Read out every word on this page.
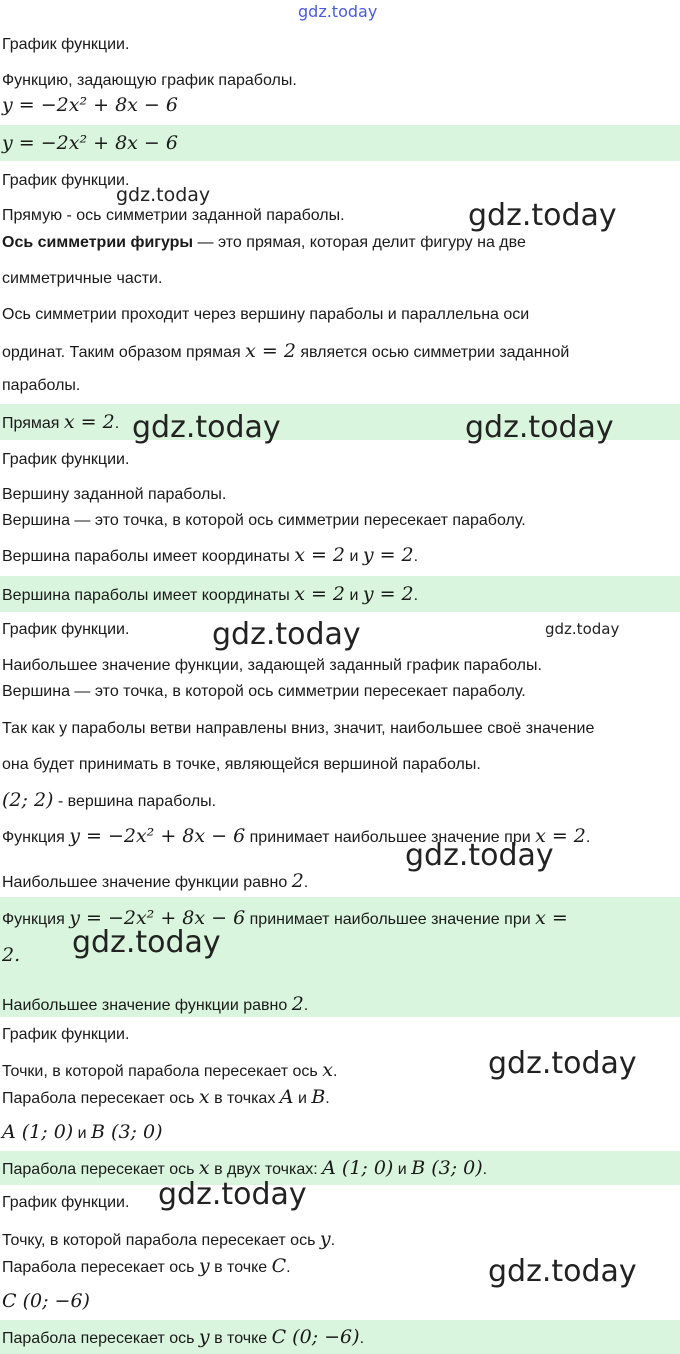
График функции.
Функцию, задающую график параболы.
y = −2x² + 8x − 6
y = −2x² + 8x − 6
График функции.
Прямую - ось симметрии заданной параболы.
Ось симметрии фигуры — это прямая, которая делит фигуру на две
симметричные части.
Ось симметрии проходит через вершину параболы и параллельна оси
ординат. Таким образом прямая x = 2 является осью симметрии заданной
параболы.
Прямая x = 2.
График функции.
Вершину заданной параболы.
Вершина — это точка, в которой ось симметрии пересекает параболу.
Вершина параболы имеет координаты x = 2 и y = 2.
Вершина параболы имеет координаты x = 2 и y = 2.
График функции.
Наибольшее значение функции, задающей заданный график параболы.
Вершина — это точка, в которой ось симметрии пересекает параболу.
Так как у параболы ветви направлены вниз, значит, наибольшее своё значение
она будет принимать в точке, являющейся вершиной параболы.
(2; 2) - вершина параболы.
Функция y = −2x² + 8x − 6 принимает наибольшее значение при x = 2.
Наибольшее значение функции равно 2.
Функция y = −2x² + 8x − 6 принимает наибольшее значение при x =
2.
Наибольшее значение функции равно 2.
График функции.
Точки, в которой парабола пересекает ось x.
Парабола пересекает ось x в точках A и B.
A (1; 0) и B (3; 0)
Парабола пересекает ось x в двух точках: A (1; 0) и B (3; 0).
График функции.
Точку, в которой парабола пересекает ось y.
Парабола пересекает ось y в точке C.
C (0; −6)
Парабола пересекает ось y в точке C (0; −6).
gdz.today
gdz.today
gdz.today
gdz.today	gdz.today
gdz.today	gdz.today
gdz.today
gdz.today
gdz.today
gdz.today
gdz.today
